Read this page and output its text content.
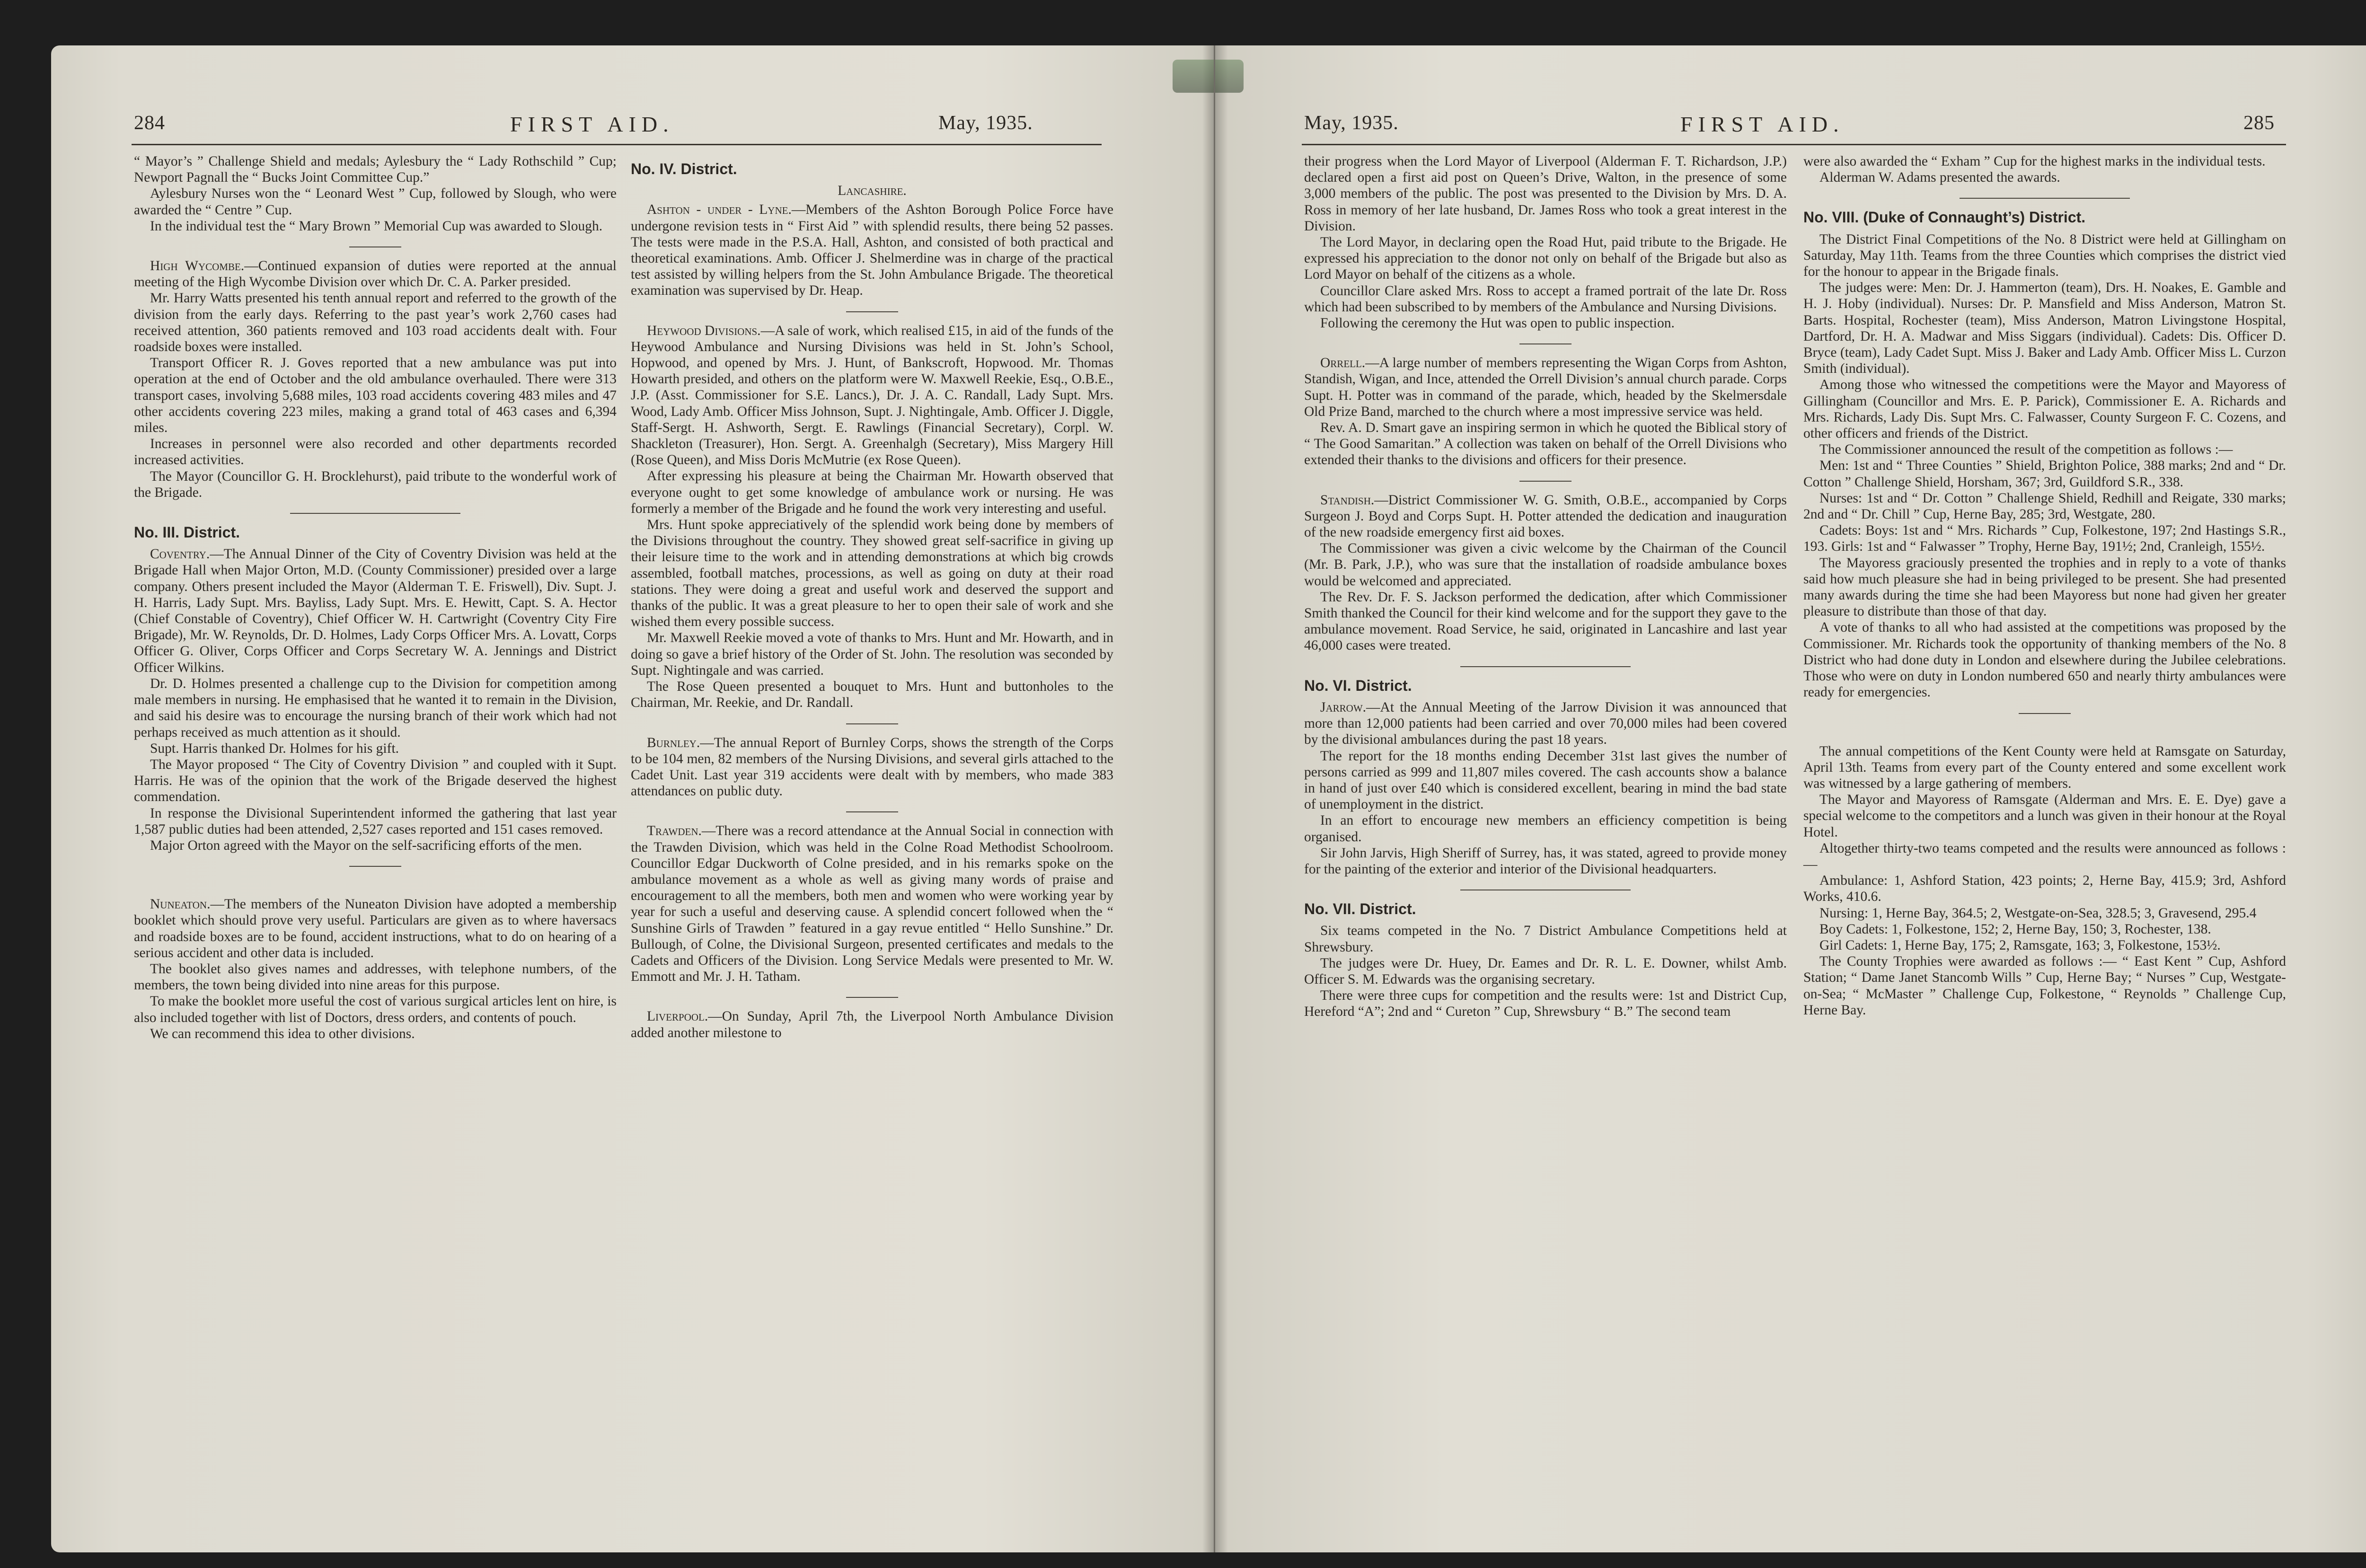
284	FIRST AID.	May, 1935.

“ Mayor’s ” Challenge Shield and medals; Aylesbury the “ Lady Rothschild ” Cup; Newport Pagnall the “ Bucks Joint Committee Cup.”

Aylesbury Nurses won the “ Leonard West ” Cup, followed by Slough, who were awarded the “ Centre ” Cup.

In the individual test the “ Mary Brown ” Memorial Cup was awarded to Slough.

High Wycombe.—Continued expansion of duties were reported at the annual meeting of the High Wycombe Division over which Dr. C. A. Parker presided.

Mr. Harry Watts presented his tenth annual report and referred to the growth of the division from the early days. Referring to the past year’s work 2,760 cases had received attention, 360 patients removed and 103 road accidents dealt with. Four roadside boxes were installed.

Transport Officer R. J. Goves reported that a new ambulance was put into operation at the end of October and the old ambulance overhauled. There were 313 transport cases, involving 5,688 miles, 103 road accidents covering 483 miles and 47 other accidents covering 223 miles, making a grand total of 463 cases and 6,394 miles.

Increases in personnel were also recorded and other departments recorded increased activities.

The Mayor (Councillor G. H. Brocklehurst), paid tribute to the wonderful work of the Brigade.

No. III. District.

Coventry.—The Annual Dinner of the City of Coventry Division was held at the Brigade Hall when Major Orton, M.D. (County Commissioner) presided over a large company. Others present included the Mayor (Alderman T. E. Friswell), Div. Supt. J. H. Harris, Lady Supt. Mrs. Bayliss, Lady Supt. Mrs. E. Hewitt, Capt. S. A. Hector (Chief Constable of Coventry), Chief Officer W. H. Cartwright (Coventry City Fire Brigade), Mr. W. Reynolds, Dr. D. Holmes, Lady Corps Officer Mrs. A. Lovatt, Corps Officer G. Oliver, Corps Officer and Corps Secretary W. A. Jennings and District Officer Wilkins.

Dr. D. Holmes presented a challenge cup to the Division for competition among male members in nursing. He emphasised that he wanted it to remain in the Division, and said his desire was to encourage the nursing branch of their work which had not perhaps received as much attention as it should.

Supt. Harris thanked Dr. Holmes for his gift.

The Mayor proposed “ The City of Coventry Division ” and coupled with it Supt. Harris. He was of the opinion that the work of the Brigade deserved the highest commendation.

In response the Divisional Superintendent informed the gathering that last year 1,587 public duties had been attended, 2,527 cases reported and 151 cases removed.

Major Orton agreed with the Mayor on the self-sacrificing efforts of the men.

Nuneaton.—The members of the Nuneaton Division have adopted a membership booklet which should prove very useful. Particulars are given as to where haversacs and roadside boxes are to be found, accident instructions, what to do on hearing of a serious accident and other data is included.

The booklet also gives names and addresses, with telephone numbers, of the members, the town being divided into nine areas for this purpose.

To make the booklet more useful the cost of various surgical articles lent on hire, is also included together with list of Doctors, dress orders, and contents of pouch.

We can recommend this idea to other divisions.

No. IV. District.
Lancashire.

Ashton - under - Lyne.—Members of the Ashton Borough Police Force have undergone revision tests in “ First Aid ” with splendid results, there being 52 passes. The tests were made in the P.S.A. Hall, Ashton, and consisted of both practical and theoretical examinations. Amb. Officer J. Shelmerdine was in charge of the practical test assisted by willing helpers from the St. John Ambulance Brigade. The theoretical examination was supervised by Dr. Heap.

Heywood Divisions.—A sale of work, which realised £15, in aid of the funds of the Heywood Ambulance and Nursing Divisions was held in St. John’s School, Hopwood, and opened by Mrs. J. Hunt, of Bankscroft, Hopwood. Mr. Thomas Howarth presided, and others on the platform were W. Maxwell Reekie, Esq., O.B.E., J.P. (Asst. Commissioner for S.E. Lancs.), Dr. J. A. C. Randall, Lady Supt. Mrs. Wood, Lady Amb. Officer Miss Johnson, Supt. J. Nightingale, Amb. Officer J. Diggle, Staff-Sergt. H. Ashworth, Sergt. E. Rawlings (Financial Secretary), Corpl. W. Shackleton (Treasurer), Hon. Sergt. A. Greenhalgh (Secretary), Miss Margery Hill (Rose Queen), and Miss Doris McMutrie (ex Rose Queen).

After expressing his pleasure at being the Chairman Mr. Howarth observed that everyone ought to get some knowledge of ambulance work or nursing. He was formerly a member of the Brigade and he found the work very interesting and useful.

Mrs. Hunt spoke appreciatively of the splendid work being done by members of the Divisions throughout the country. They showed great self-sacrifice in giving up their leisure time to the work and in attending demonstrations at which big crowds assembled, football matches, processions, as well as going on duty at their road stations. They were doing a great and useful work and deserved the support and thanks of the public. It was a great pleasure to her to open their sale of work and she wished them every possible success.

Mr. Maxwell Reekie moved a vote of thanks to Mrs. Hunt and Mr. Howarth, and in doing so gave a brief history of the Order of St. John. The resolution was seconded by Supt. Nightingale and was carried.

The Rose Queen presented a bouquet to Mrs. Hunt and buttonholes to the Chairman, Mr. Reekie, and Dr. Randall.

Burnley.—The annual Report of Burnley Corps, shows the strength of the Corps to be 104 men, 82 members of the Nursing Divisions, and several girls attached to the Cadet Unit. Last year 319 accidents were dealt with by members, who made 383 attendances on public duty.

Trawden.—There was a record attendance at the Annual Social in connection with the Trawden Division, which was held in the Colne Road Methodist Schoolroom. Councillor Edgar Duckworth of Colne presided, and in his remarks spoke on the ambulance movement as a whole as well as giving many words of praise and encouragement to all the members, both men and women who were working year by year for such a useful and deserving cause. A splendid concert followed when the “ Sunshine Girls of Trawden ” featured in a gay revue entitled “ Hello Sunshine.” Dr. Bullough, of Colne, the Divisional Surgeon, presented certificates and medals to the Cadets and Officers of the Division. Long Service Medals were presented to Mr. W. Emmott and Mr. J. H. Tatham.

Liverpool.—On Sunday, April 7th, the Liverpool North Ambulance Division added another milestone to

May, 1935.	FIRST AID.	285

their progress when the Lord Mayor of Liverpool (Alderman F. T. Richardson, J.P.) declared open a first aid post on Queen’s Drive, Walton, in the presence of some 3,000 members of the public. The post was presented to the Division by Mrs. D. A. Ross in memory of her late husband, Dr. James Ross who took a great interest in the Division.

The Lord Mayor, in declaring open the Road Hut, paid tribute to the Brigade. He expressed his appreciation to the donor not only on behalf of the Brigade but also as Lord Mayor on behalf of the citizens as a whole.

Councillor Clare asked Mrs. Ross to accept a framed portrait of the late Dr. Ross which had been subscribed to by members of the Ambulance and Nursing Divisions.

Following the ceremony the Hut was open to public inspection.

Orrell.—A large number of members representing the Wigan Corps from Ashton, Standish, Wigan, and Ince, attended the Orrell Division’s annual church parade. Corps Supt. H. Potter was in command of the parade, which, headed by the Skelmersdale Old Prize Band, marched to the church where a most impressive service was held.

Rev. A. D. Smart gave an inspiring sermon in which he quoted the Biblical story of “ The Good Samaritan.” A collection was taken on behalf of the Orrell Divisions who extended their thanks to the divisions and officers for their presence.

Standish.—District Commissioner W. G. Smith, O.B.E., accompanied by Corps Surgeon J. Boyd and Corps Supt. H. Potter attended the dedication and inauguration of the new roadside emergency first aid boxes.

The Commissioner was given a civic welcome by the Chairman of the Council (Mr. B. Park, J.P.), who was sure that the installation of roadside ambulance boxes would be welcomed and appreciated.

The Rev. Dr. F. S. Jackson performed the dedication, after which Commissioner Smith thanked the Council for their kind welcome and for the support they gave to the ambulance movement. Road Service, he said, originated in Lancashire and last year 46,000 cases were treated.

No. VI. District.

Jarrow.—At the Annual Meeting of the Jarrow Division it was announced that more than 12,000 patients had been carried and over 70,000 miles had been covered by the divisional ambulances during the past 18 years.

The report for the 18 months ending December 31st last gives the number of persons carried as 999 and 11,807 miles covered. The cash accounts show a balance in hand of just over £40 which is considered excellent, bearing in mind the bad state of unemployment in the district.

In an effort to encourage new members an efficiency competition is being organised.

Sir John Jarvis, High Sheriff of Surrey, has, it was stated, agreed to provide money for the painting of the exterior and interior of the Divisional headquarters.

No. VII. District.

Six teams competed in the No. 7 District Ambulance Competitions held at Shrewsbury.

The judges were Dr. Huey, Dr. Eames and Dr. R. L. E. Downer, whilst Amb. Officer S. M. Edwards was the organising secretary.

There were three cups for competition and the results were: 1st and District Cup, Hereford “A”; 2nd and “ Cureton ” Cup, Shrewsbury “ B.” The second team

were also awarded the “ Exham ” Cup for the highest marks in the individual tests.

Alderman W. Adams presented the awards.

No. VIII. (Duke of Connaught’s) District.

The District Final Competitions of the No. 8 District were held at Gillingham on Saturday, May 11th. Teams from the three Counties which comprises the district vied for the honour to appear in the Brigade finals.

The judges were: Men: Dr. J. Hammerton (team), Drs. H. Noakes, E. Gamble and H. J. Hoby (individual). Nurses: Dr. P. Mansfield and Miss Anderson, Matron St. Barts. Hospital, Rochester (team), Miss Anderson, Matron Livingstone Hospital, Dartford, Dr. H. A. Madwar and Miss Siggars (individual). Cadets: Dis. Officer D. Bryce (team), Lady Cadet Supt. Miss J. Baker and Lady Amb. Officer Miss L. Curzon Smith (individual).

Among those who witnessed the competitions were the Mayor and Mayoress of Gillingham (Councillor and Mrs. E. P. Parick), Commissioner E. A. Richards and Mrs. Richards, Lady Dis. Supt Mrs. C. Falwasser, County Surgeon F. C. Cozens, and other officers and friends of the District.

The Commissioner announced the result of the competition as follows :—

Men: 1st and “ Three Counties ” Shield, Brighton Police, 388 marks; 2nd and “ Dr. Cotton ” Challenge Shield, Horsham, 367; 3rd, Guildford S.R., 338.

Nurses: 1st and “ Dr. Cotton ” Challenge Shield, Redhill and Reigate, 330 marks; 2nd and “ Dr. Chill ” Cup, Herne Bay, 285; 3rd, Westgate, 280.

Cadets: Boys: 1st and “ Mrs. Richards ” Cup, Folkestone, 197; 2nd Hastings S.R., 193. Girls: 1st and “ Falwasser ” Trophy, Herne Bay, 191½; 2nd, Cranleigh, 155½.

The Mayoress graciously presented the trophies and in reply to a vote of thanks said how much pleasure she had in being privileged to be present. She had presented many awards during the time she had been Mayoress but none had given her greater pleasure to distribute than those of that day.

A vote of thanks to all who had assisted at the competitions was proposed by the Commissioner. Mr. Richards took the opportunity of thanking members of the No. 8 District who had done duty in London and elsewhere during the Jubilee celebrations. Those who were on duty in London numbered 650 and nearly thirty ambulances were ready for emergencies.

The annual competitions of the Kent County were held at Ramsgate on Saturday, April 13th. Teams from every part of the County entered and some excellent work was witnessed by a large gathering of members.

The Mayor and Mayoress of Ramsgate (Alderman and Mrs. E. E. Dye) gave a special welcome to the competitors and a lunch was given in their honour at the Royal Hotel.

Altogether thirty-two teams competed and the results were announced as follows :—

Ambulance: 1, Ashford Station, 423 points; 2, Herne Bay, 415.9; 3rd, Ashford Works, 410.6.

Nursing: 1, Herne Bay, 364.5; 2, Westgate-on-Sea, 328.5; 3, Gravesend, 295.4

Boy Cadets: 1, Folkestone, 152; 2, Herne Bay, 150; 3, Rochester, 138.

Girl Cadets: 1, Herne Bay, 175; 2, Ramsgate, 163; 3, Folkestone, 153½.

The County Trophies were awarded as follows :— “ East Kent ” Cup, Ashford Station; “ Dame Janet Stancomb Wills ” Cup, Herne Bay; “ Nurses ” Cup, Westgate-on-Sea; “ McMaster ” Challenge Cup, Folkestone, “ Reynolds ” Challenge Cup, Herne Bay.
